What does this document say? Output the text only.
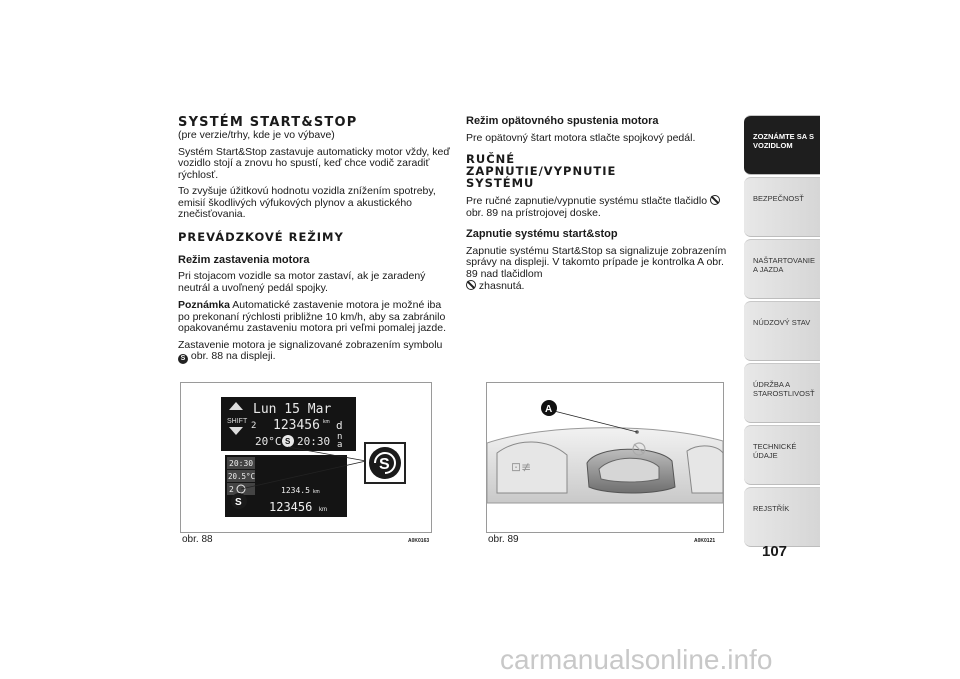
SYSTÉM START&STOP

(pre verzie/trhy, kde je vo výbave)

Systém Start&Stop zastavuje automaticky motor vždy, keď vozidlo stojí a znovu ho spustí, keď chce vodič zaradiť rýchlosť.

To zvyšuje úžitkovú hodnotu vozidla znížením spotreby, emisií škodlivých výfukových plynov a akustického znečisťovania.

PREVÁDZKOVÉ REŽIMY
Režim zastavenia motora

Pri stojacom vozidle sa motor zastaví, ak je zaradený neutrál a uvoľnený pedál spojky.

Poznámka Automatické zastavenie motora je možné iba po prekonaní rýchlosti približne 10 km/h, aby sa zabránilo opakovanému zastaveniu motora pri veľmi pomalej jazde.

Zastavenie motora je signalizované zobrazením symbolu S obr. 88 na displeji.

Režim opätovného spustenia motora

Pre opätovný štart motora stlačte spojkový pedál.

RUČNÉ ZAPNUTIE/VYPNUTIE SYSTÉMU

Pre ručné zapnutie/vypnutie systému stlačte tlačidlo  obr. 89 na prístrojovej doske.

Zapnutie systému start&stop

Zapnutie systému Start&Stop sa signalizuje zobrazením správy na displeji. V takomto prípade je kontrolka A obr. 89 nad tlačidlom
zhasnutá.

SHIFT
Lun 15 Mar
2 123456 km d
n
a
20°C S 20:30
20:30
20.5°C
2	1234.5 km
123456 km
S
S
obr. 88	A0K0163
⊡≢
A
obr. 89	A0K0121
ZOZNÁMTE SA S VOZIDLOM
BEZPEČNOSŤ
NAŠTARTOVANIE A JAZDA
NÚDZOVÝ STAV
ÚDRŽBA A STAROSTLIVOSŤ
TECHNICKÉ ÚDAJE
REJSTŘÍK
107
carmanualsonline.info
